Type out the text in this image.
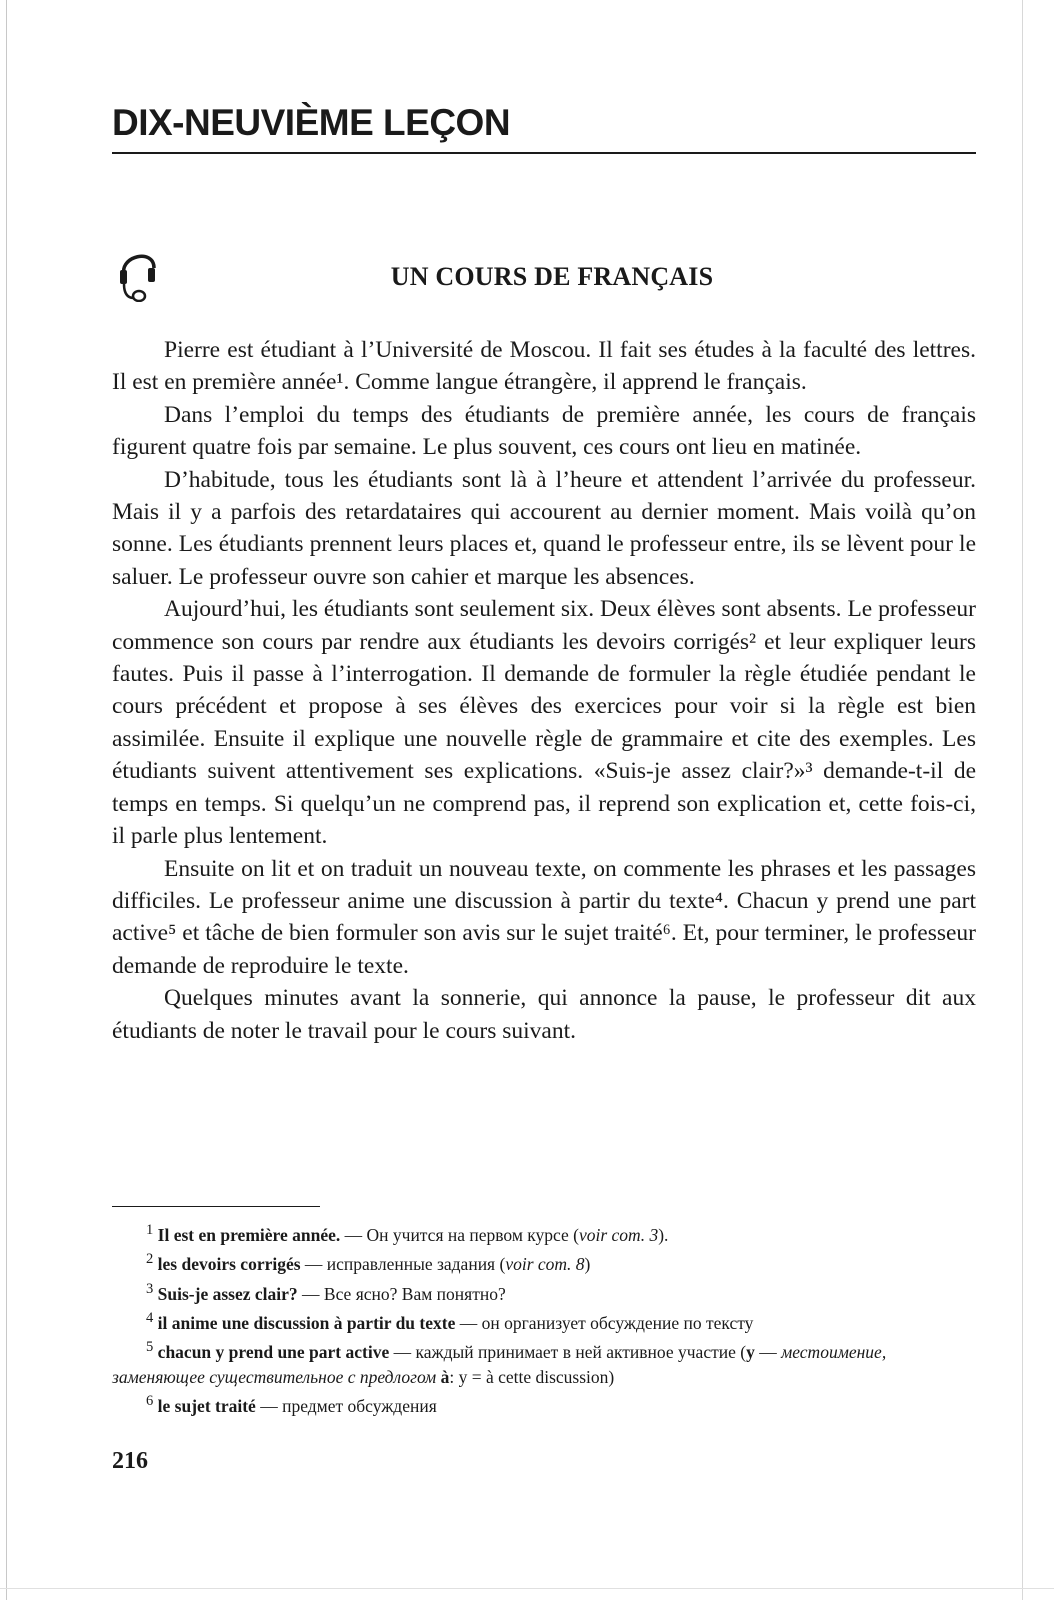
DIX-NEUVIÈME LEÇON
UN COURS DE FRANÇAIS

Pierre est étudiant à l’Université de Moscou. Il fait ses études à la faculté des lettres. Il est en première année¹. Comme langue étrangère, il apprend le français.

Dans l’emploi du temps des étudiants de première année, les cours de français figurent quatre fois par semaine. Le plus souvent, ces cours ont lieu en matinée.

D’habitude, tous les étudiants sont là à l’heure et attendent l’arrivée du professeur. Mais il y a parfois des retardataires qui accourent au dernier moment. Mais voilà qu’on sonne. Les étudiants prennent leurs places et, quand le professeur entre, ils se lèvent pour le saluer. Le professeur ouvre son cahier et marque les absences.

Aujourd’hui, les étudiants sont seulement six. Deux élèves sont absents. Le professeur commence son cours par rendre aux étudiants les devoirs corrigés² et leur expliquer leurs fautes. Puis il passe à l’interrogation. Il demande de formuler la règle étudiée pendant le cours précédent et propose à ses élèves des exercices pour voir si la règle est bien assimilée. Ensuite il explique une nouvelle règle de grammaire et cite des exemples. Les étudiants suivent attentivement ses explications. «Suis-je assez clair?»³ demande-t-il de temps en temps. Si quelqu’un ne comprend pas, il reprend son explication et, cette fois-ci, il parle plus lentement.

Ensuite on lit et on traduit un nouveau texte, on commente les phrases et les passages difficiles. Le professeur anime une discussion à partir du texte⁴. Chacun y prend une part active⁵ et tâche de bien formuler son avis sur le sujet traité⁶. Et, pour terminer, le professeur demande de reproduire le texte.

Quelques minutes avant la sonnerie, qui annonce la pause, le professeur dit aux étudiants de noter le travail pour le cours suivant.

$^1$ Il est en première année. — Он учится на первом курсе (voir com. 3).

$^2$ les devoirs corrigés — исправленные задания (voir com. 8)

$^3$ Suis-je assez clair? — Все ясно? Вам понятно?

$^4$ il anime une discussion à partir du texte — он организует обсуждение по тексту

$^5$ chacun y prend une part active — каждый принимает в ней активное участие (y — местоимение, заменяющее существительное с предлогом à: y = à cette discussion)

$^6$ le sujet traité — предмет обсуждения

216
